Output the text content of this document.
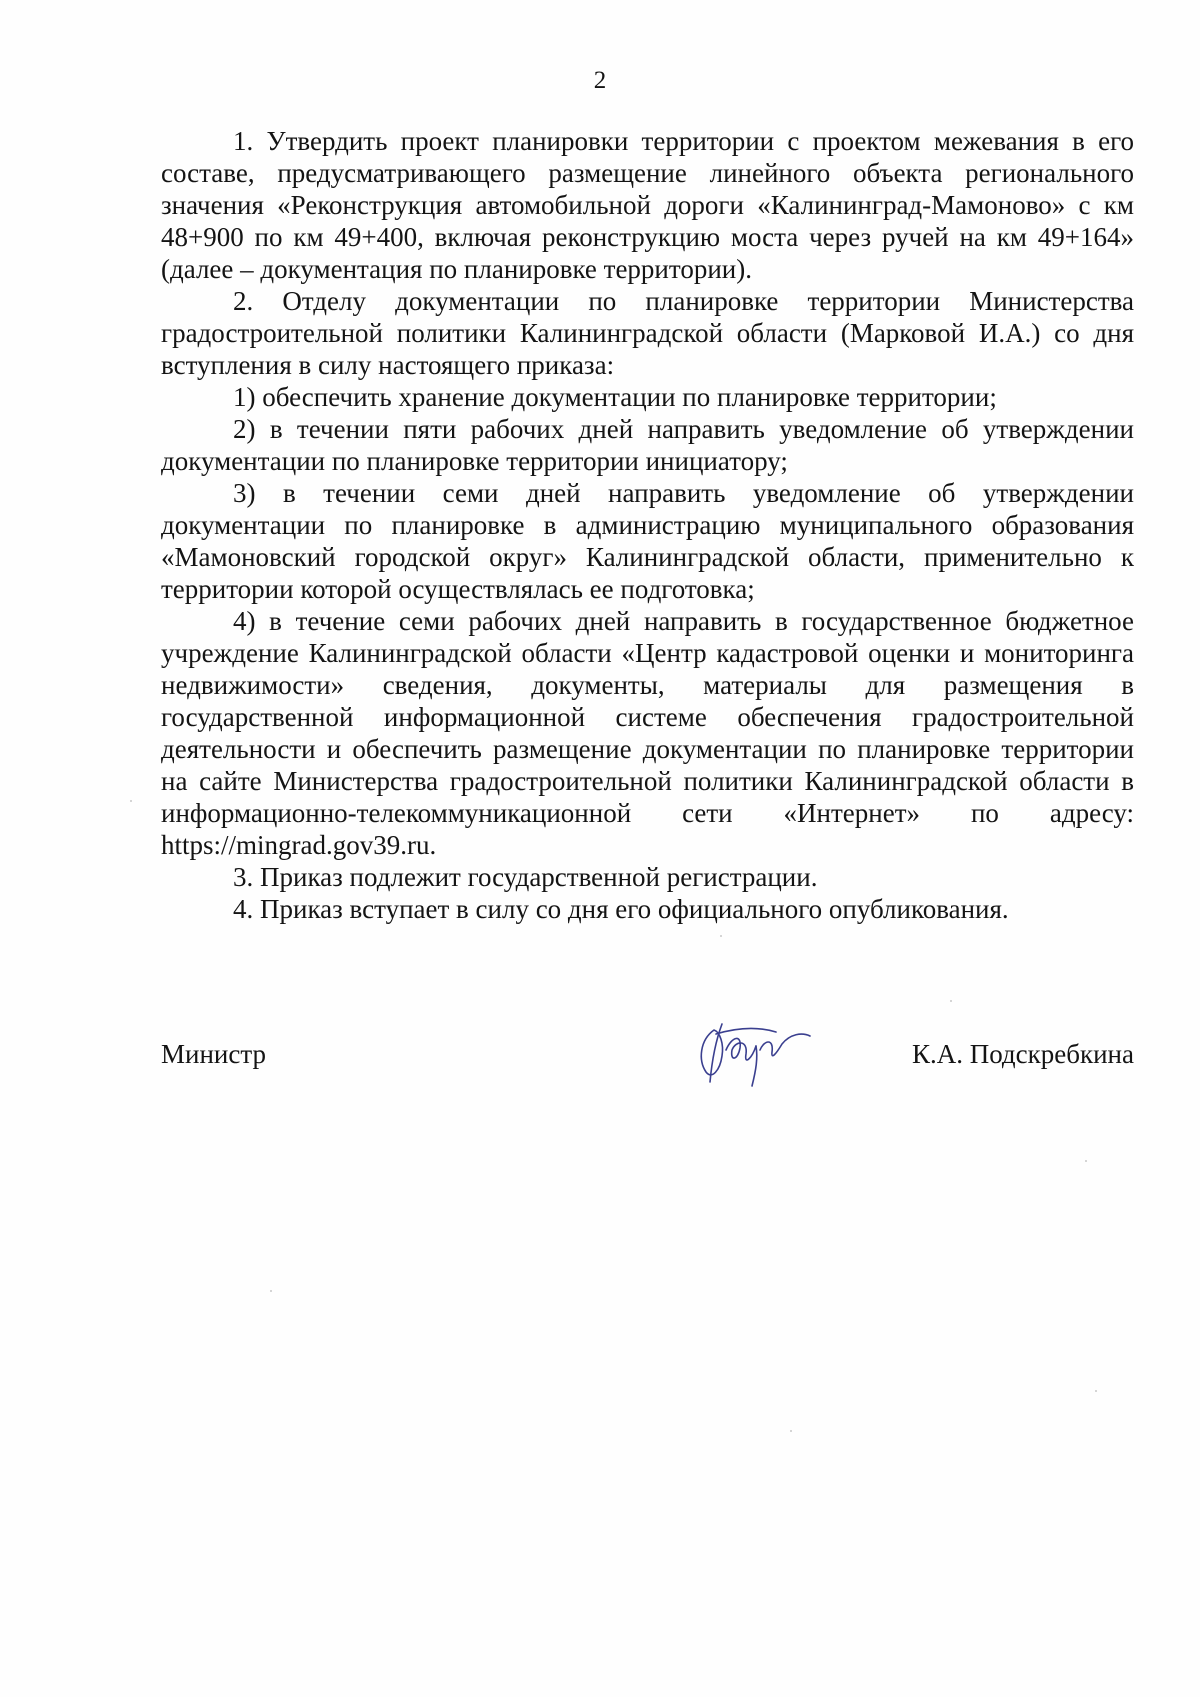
2

1. Утвердить проект планировки территории с проектом межевания в его составе, предусматривающего размещение линейного объекта регионального значения «Реконструкция автомобильной дороги «Калининград-Мамоново» с км 48+900 по км 49+400, включая реконструкцию моста через ручей на км 49+164» (далее – документация по планировке территории).

2. Отделу документации по планировке территории Министерства градостроительной политики Калининградской области (Марковой И.А.) со дня вступления в силу настоящего приказа:

1) обеспечить хранение документации по планировке территории;

2) в течении пяти рабочих дней направить уведомление об утверждении документации по планировке территории инициатору;

3) в течении семи дней направить уведомление об утверждении документации по планировке в администрацию муниципального образования «Мамоновский городской округ» Калининградской области, применительно к территории которой осуществлялась ее подготовка;

4) в течение семи рабочих дней направить в государственное бюджетное учреждение Калининградской области «Центр кадастровой оценки и мониторинга недвижимости» сведения, документы, материалы для размещения в государственной информационной системе обеспечения градостроительной деятельности и обеспечить размещение документации по планировке территории на сайте Министерства градостроительной политики Калининградской области в информационно-телекоммуникационной сети «Интернет» по адресу: https://mingrad.gov39.ru.

3. Приказ подлежит государственной регистрации.

4. Приказ вступает в силу со дня его официального опубликования.

Министр	К.А. Подскребкина
